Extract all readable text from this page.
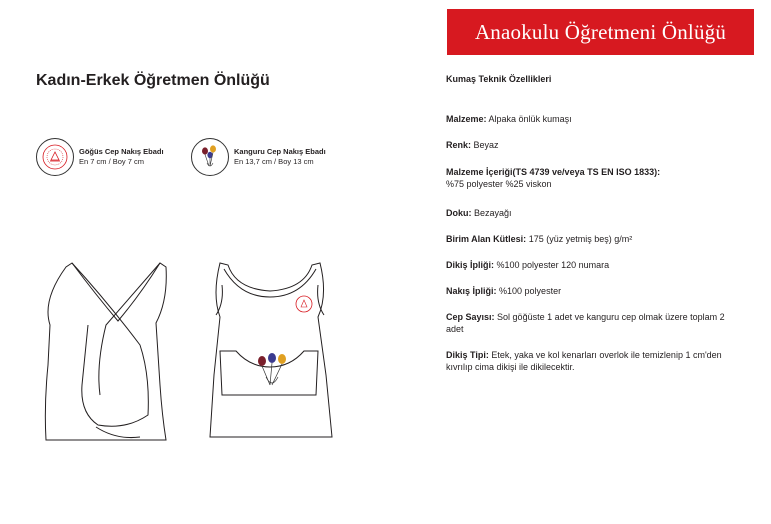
Anaokulu Öğretmeni Önlüğü
Kadın-Erkek Öğretmen Önlüğü
Göğüs Cep Nakış Ebadı
En 7 cm / Boy 7 cm
Kanguru Cep Nakış Ebadı
En 13,7 cm / Boy 13 cm
Kumaş Teknik Özellikleri
Malzeme: Alpaka önlük kumaşı
Renk: Beyaz
Malzeme İçeriği(TS 4739 ve/veya TS EN ISO 1833):
%75 polyester %25 viskon
Doku: Bezayağı
Birim Alan Kütlesi: 175 (yüz yetmiş beş) g/m²
Dikiş İpliği: %100 polyester 120 numara
Nakış İpliği: %100 polyester
Cep Sayısı: Sol göğüste 1 adet ve kanguru cep olmak üzere toplam 2 adet
Dikiş Tipi: Etek, yaka ve kol kenarları overlok ile temizlenip 1 cm'den kıvrılıp cima dikişi ile dikilecektir.
